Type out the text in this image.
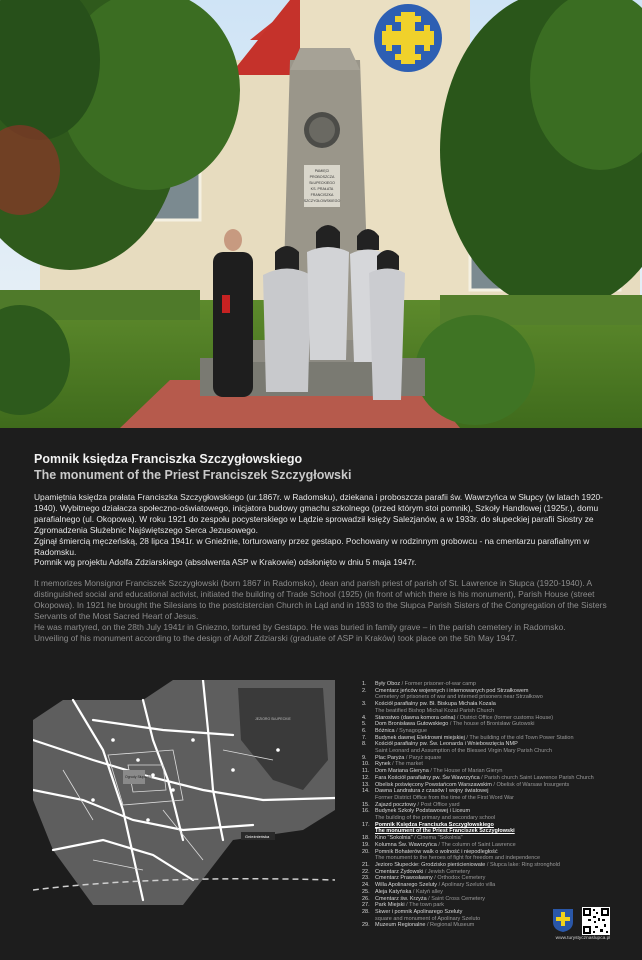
PAMIĘCI
PROBOSZCZA
SŁUPECKIEGO
KS. PRAŁATA
FRANCISZKA
SZCZYGŁOWSKIEGO
Pomnik księdza Franciszka Szczygłowskiego
The monument of the Priest Franciszek Szczygłowski

Upamiętnia księdza prałata Franciszka Szczygłowskiego (ur.1867r. w Radomsku), dziekana i proboszcza parafii św. Wawrzyńca w Słupcy (w latach 1920-1940). Wybitnego działacza społeczno-oświatowego, inicjatora budowy gmachu szkolnego (przed którym stoi pomnik), Szkoły Handlowej (1925r.), domu parafialnego (ul. Okopowa). W roku 1921 do zespołu pocysterskiego w Lądzie sprowadził księży Salezjanów, a w 1933r. do słupeckiej parafii Siostry ze Zgromadzenia Służebnic Najświętszego Serca Jezusowego.

Zginął śmiercią męczeńską, 28 lipca 1941r. w Gnieźnie, torturowany przez gestapo. Pochowany w rodzinnym grobowcu - na cmentarzu parafialnym w Radomsku.

Pomnik wg projektu Adolfa Zdziarskiego (absolwenta ASP w Krakowie) odsłonięto w dniu 5 maja 1947r.

It memorizes Monsignor Franciszek Szczygłowski (born 1867 in Radomsko), dean and parish priest of parish of St. Lawrence in Słupca (1920-1940). A distinguished social and educational activist, initiated the building of Trade School (1925) (in front of which there is his monument), Parish House (street Okopowa). In 1921 he brought the Silesians to the postcistercian Church in Ląd and in 1933 to the Słupca Parish Sisters of the Congregation of the Sisters Servants of the Most Sacred Heart of Jesus.

He was martyred, on the 28th July 1941r in Gniezno, tortured by Gestapo. He was buried in family grave – in the parish cemetery in Radomsko.

Unveiling of his monument according to the design of Adolf Zdziarski (graduate of ASP in Kraków) took place on the 5th May 1947.

JEZIORO SŁUPECKIE
Ogrody Słupecko
Gnieźnieńska
1.	Były Oboz / Former prisoner-of-war camp
2.	Cmentarz jeńców wojennych i internowanych pod Strzałkowem
Cemetery of prisoners of war and interned prisoners near Strzałkowo
3.	Kościół parafialny pw. Bł. Biskupa Michała Kozala
The beatified Bishop Michał Kozal Parish Church
4.	Starostwo (dawna komora celna) / District Office (former customs House)
5.	Dom Bronisława Gutowskiego / The house of Bronisław Gutowski
6.	Bóżnica / Synagogue
7.	Budynek dawnej Elektrowni miejskiej / The building of the old Town Power Station
8.	Kościół parafialny pw. Św. Leonarda i Wniebowzięcia NMP
Saint Leonard and Assumption of the Blessed Virgin Mary Parish Church
9.	Plac Paryża / Paryż square
10. Rynek / The market
11.	Dom Mariana Gieryna / The House of Marian Gieryn
12. Fara Kościół parafialny pw. Św Wawrzyńca / Parish church Saint Lawrence Parish Church
13. Obelisk poświęcony Powstańcom Warszawskim / Obelisk of Warsaw Insurgents
14. Dawna Landratura z czasów I wojny światowej
Former District Office from the time of the First Word War
15. Zajazd pocztowy / Post Office yard
16. Budynek Szkoły Podstawowej i Liceum
The building of the primary and secondary school
17. Pomnik Księdza Franciszka Szczygłowskiego
The monument of the Priest Franciszek Szczygłowski
18. Kino "Sokolnia" / Cinema "Sokolnia"
19. Kolumna Św. Wawrzyńca / The column of Saint Lawrence
20. Pomnik Bohaterów walk o wolność i niepodległość
The monument to the heroes of fight for freedom and independence
21. Jezioro Słupeckie: Grodzisko pierścieniowate / Słupca lake: Ring stronghold
22. Cmentarz Żydowski / Jewish Cemetery
23. Cmentarz Prawosławny / Orthodox Cemetery
24. Willa Apolinarego Szeluty / Apolinary Szeluto villa
25. Aleja Katyńska / Katyń alley
26. Cmentarz św. Krzyża / Saint Cross Cemetery
27. Park Miejski / The town park
28. Skwer i pomnik Apolinarego Szeluty
square and monument of Apolinary Szeluto
29. Muzeum Regionalne / Regional Museum
www.turystycznaslupca.pl
